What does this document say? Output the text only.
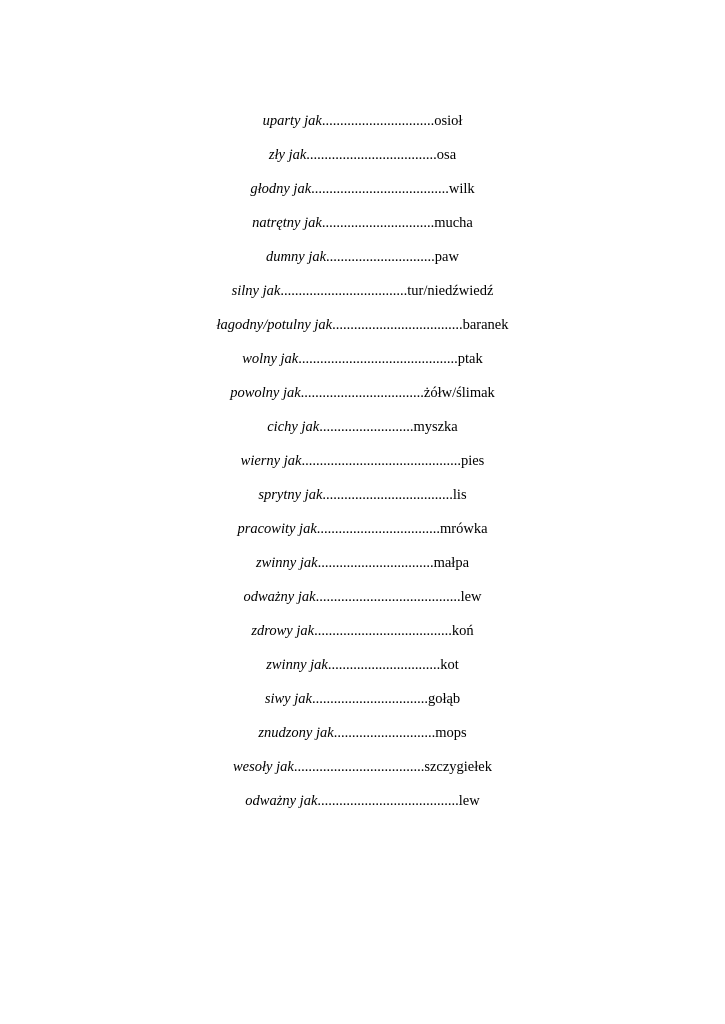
uparty jak...............................osioł
zły jak....................................osa
głodny jak......................................wilk
natrętny jak...............................mucha
dumny jak..............................paw
silny jak...................................tur/niedźwiedź
łagodny/potulny jak....................................baranek
wolny jak............................................ptak
powolny jak..................................żółw/ślimak
cichy jak..........................myszka
wierny jak............................................pies
sprytny jak....................................lis
pracowity jak..................................mrówka
zwinny jak................................małpa
odważny jak........................................lew
zdrowy jak......................................koń
zwinny jak...............................kot
siwy jak................................gołąb
znudzony jak............................mops
wesoły jak....................................szczygiełek
odważny jak.......................................lew
